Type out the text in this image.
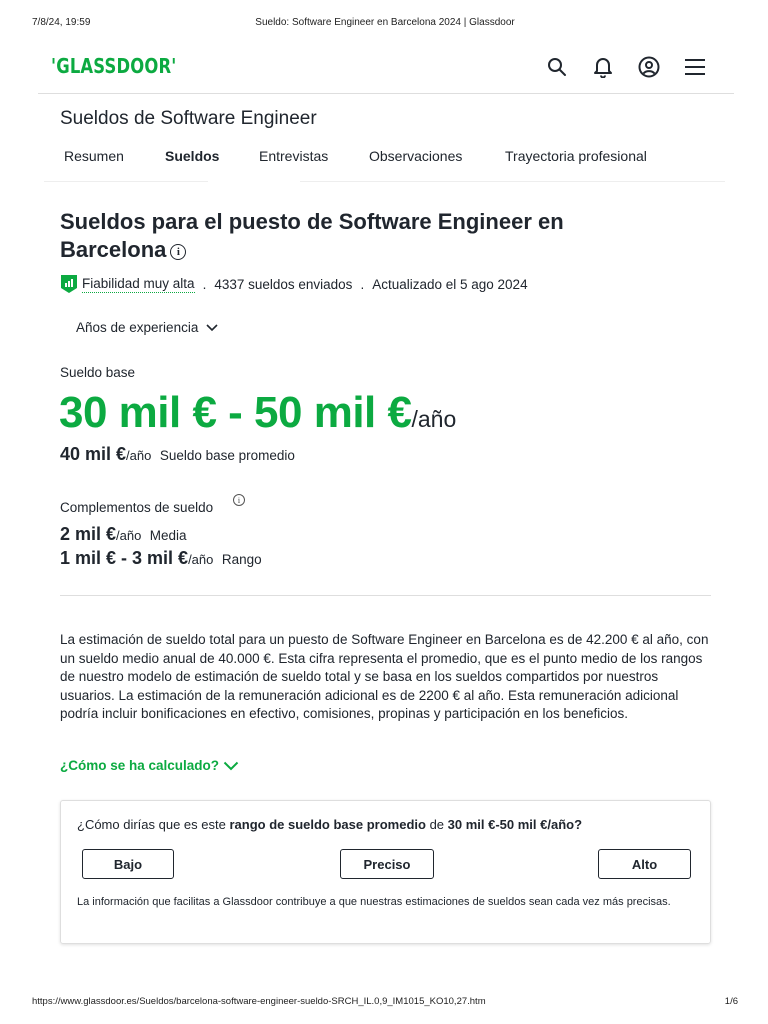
7/8/24, 19:59	Sueldo: Software Engineer en Barcelona 2024 | Glassdoor
'GLASSDOOR'
Sueldos de Software Engineer
Resumen	Sueldos	Entrevistas	Observaciones	Trayectoria profesional
Sueldos para el puesto de Software Engineer en Barcelona i
Fiabilidad muy alta . 4337 sueldos enviados . Actualizado el 5 ago 2024
Años de experiencia
Sueldo base
30 mil € - 50 mil €/año
40 mil €/año Sueldo base promedio
Complementos de sueldo	i
2 mil €/año Media
1 mil € - 3 mil €/año Rango

La estimación de sueldo total para un puesto de Software Engineer en Barcelona es de 42.200 € al año, con un sueldo medio anual de 40.000 €. Esta cifra representa el promedio, que es el punto medio de los rangos de nuestro modelo de estimación de sueldo total y se basa en los sueldos compartidos por nuestros usuarios. La estimación de la remuneración adicional es de 2200 € al año. Esta remuneración adicional podría incluir bonificaciones en efectivo, comisiones, propinas y participación en los beneficios.

¿Cómo se ha calculado?
¿Cómo dirías que es este rango de sueldo base promedio de 30 mil €-50 mil €/año?
Bajo	Preciso	Alto
La información que facilitas a Glassdoor contribuye a que nuestras estimaciones de sueldos sean cada vez más precisas.
https://www.glassdoor.es/Sueldos/barcelona-software-engineer-sueldo-SRCH_IL.0,9_IM1015_KO10,27.htm	1/6
